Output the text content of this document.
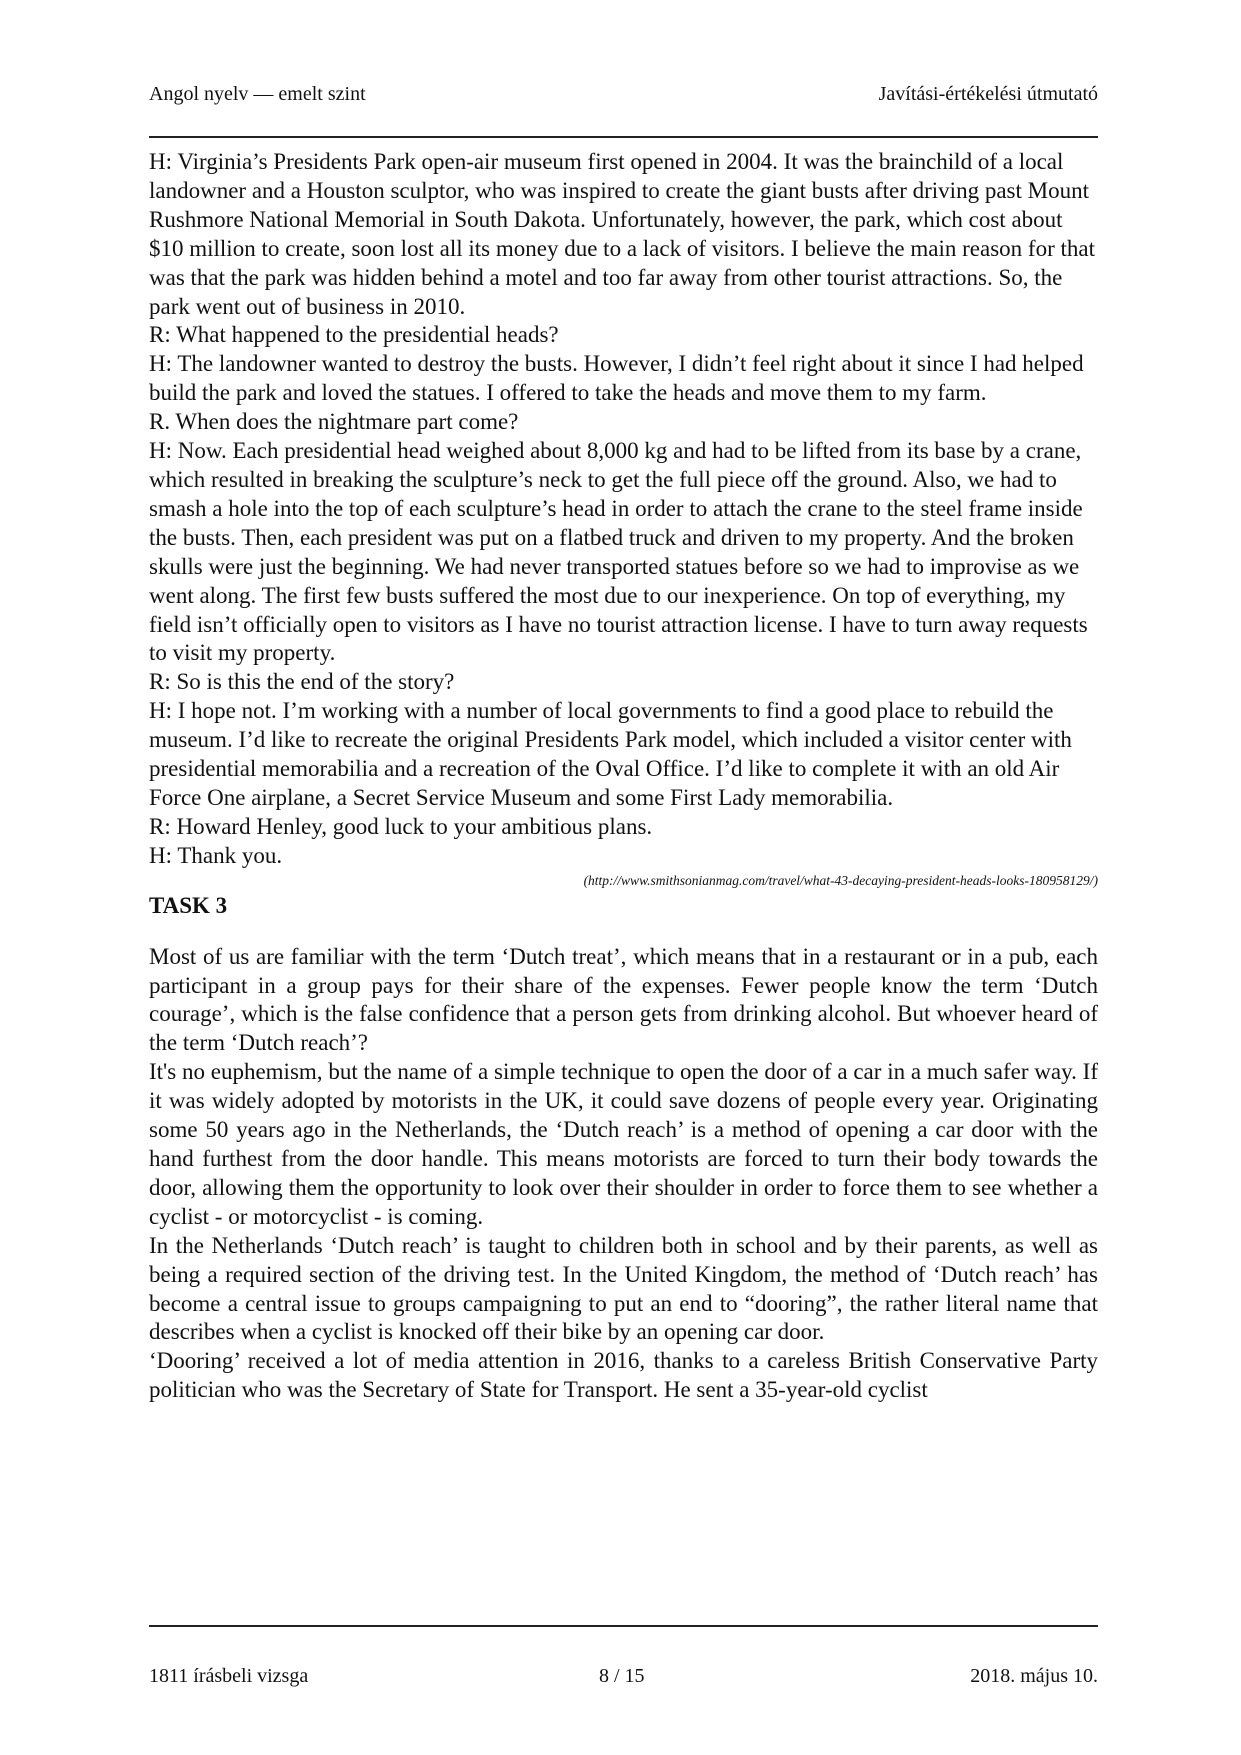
Angol nyelv — emelt szint	Javítási-értékelési útmutató

H: Virginia’s Presidents Park open-air museum first opened in 2004. It was the brainchild of a local landowner and a Houston sculptor, who was inspired to create the giant busts after driving past Mount Rushmore National Memorial in South Dakota. Unfortunately, however, the park, which cost about $10 million to create, soon lost all its money due to a lack of visitors. I believe the main reason for that was that the park was hidden behind a motel and too far away from other tourist attractions. So, the park went out of business in 2010.

R: What happened to the presidential heads?

H: The landowner wanted to destroy the busts. However, I didn’t feel right about it since I had helped build the park and loved the statues. I offered to take the heads and move them to my farm.

R. When does the nightmare part come?

H: Now. Each presidential head weighed about 8,000 kg and had to be lifted from its base by a crane, which resulted in breaking the sculpture’s neck to get the full piece off the ground. Also, we had to smash a hole into the top of each sculpture’s head in order to attach the crane to the steel frame inside the busts. Then, each president was put on a flatbed truck and driven to my property. And the broken skulls were just the beginning. We had never transported statues before so we had to improvise as we went along. The first few busts suffered the most due to our inexperience. On top of everything, my field isn’t officially open to visitors as I have no tourist attraction license. I have to turn away requests to visit my property.

R: So is this the end of the story?

H: I hope not. I’m working with a number of local governments to find a good place to rebuild the museum. I’d like to recreate the original Presidents Park model, which included a visitor center with presidential memorabilia and a recreation of the Oval Office. I’d like to complete it with an old Air Force One airplane, a Secret Service Museum and some First Lady memorabilia.

R: Howard Henley, good luck to your ambitious plans.

H: Thank you.

(http://www.smithsonianmag.com/travel/what-43-decaying-president-heads-looks-180958129/)

TASK 3

Most of us are familiar with the term ‘Dutch treat’, which means that in a restaurant or in a pub, each participant in a group pays for their share of the expenses. Fewer people know the term ‘Dutch courage’, which is the false confidence that a person gets from drinking alcohol. But whoever heard of the term ‘Dutch reach’?

It's no euphemism, but the name of a simple technique to open the door of a car in a much safer way. If it was widely adopted by motorists in the UK, it could save dozens of people every year. Originating some 50 years ago in the Netherlands, the ‘Dutch reach’ is a method of opening a car door with the hand furthest from the door handle. This means motorists are forced to turn their body towards the door, allowing them the opportunity to look over their shoulder in order to force them to see whether a cyclist - or motorcyclist - is coming.

In the Netherlands ‘Dutch reach’ is taught to children both in school and by their parents, as well as being a required section of the driving test. In the United Kingdom, the method of ‘Dutch reach’ has become a central issue to groups campaigning to put an end to “dooring”, the rather literal name that describes when a cyclist is knocked off their bike by an opening car door.

‘Dooring’ received a lot of media attention in 2016, thanks to a careless British Conservative Party politician who was the Secretary of State for Transport. He sent a 35-year-old cyclist

1811 írásbeli vizsga	8 / 15	2018. május 10.
